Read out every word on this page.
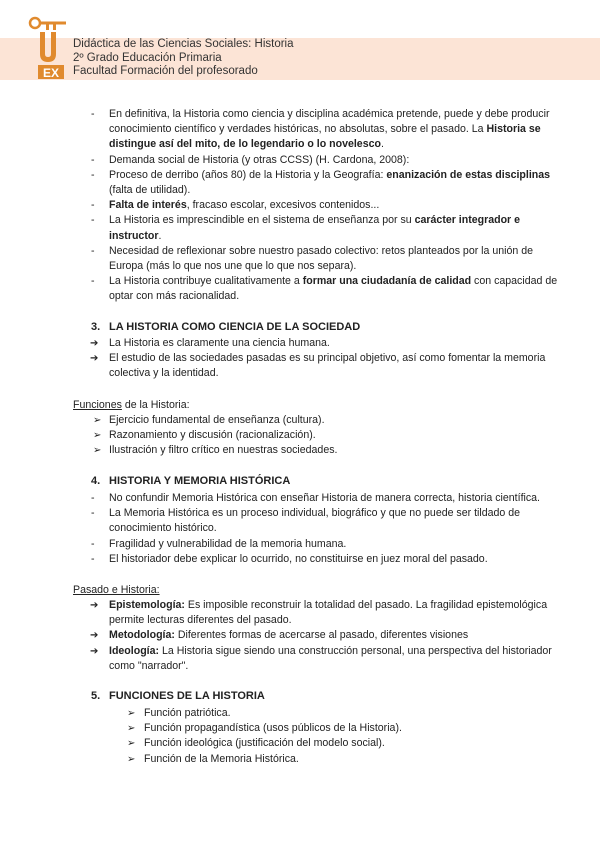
EX
Didáctica de las Ciencias Sociales: Historia
2º Grado Educación Primaria
Facultad Formación del profesorado
- En definitiva, la Historia como ciencia y disciplina académica pretende, puede y debe producir conocimiento científico y verdades históricas, no absolutas, sobre el pasado. La Historia se distingue así del mito, de lo legendario o lo novelesco.
- Demanda social de Historia (y otras CCSS) (H. Cardona, 2008):
- Proceso de derribo (años 80) de la Historia y la Geografía: enanización de estas disciplinas (falta de utilidad).
- Falta de interés, fracaso escolar, excesivos contenidos...
- La Historia es imprescindible en el sistema de enseñanza por su carácter integrador e instructor.
- Necesidad de reflexionar sobre nuestro pasado colectivo: retos planteados por la unión de Europa (más lo que nos une que lo que nos separa).
- La Historia contribuye cualitativamente a formar una ciudadanía de calidad con capacidad de optar con más racionalidad.
3. LA HISTORIA COMO CIENCIA DE LA SOCIEDAD
➔ La Historia es claramente una ciencia humana.
➔ El estudio de las sociedades pasadas es su principal objetivo, así como fomentar la memoria colectiva y la identidad.
Funciones de la Historia:
➢ Ejercicio fundamental de enseñanza (cultura).
➢ Razonamiento y discusión (racionalización).
➢ Ilustración y filtro crítico en nuestras sociedades.
4. HISTORIA Y MEMORIA HISTÓRICA
- No confundir Memoria Histórica con enseñar Historia de manera correcta, historia científica.
- La Memoria Histórica es un proceso individual, biográfico y que no puede ser tildado de conocimiento histórico.
- Fragilidad y vulnerabilidad de la memoria humana.
- El historiador debe explicar lo ocurrido, no constituirse en juez moral del pasado.
Pasado e Historia:
➔ Epistemología: Es imposible reconstruir la totalidad del pasado. La fragilidad epistemológica permite lecturas diferentes del pasado.
➔ Metodología: Diferentes formas de acercarse al pasado, diferentes visiones
➔ Ideología: La Historia sigue siendo una construcción personal, una perspectiva del historiador como "narrador".
5. FUNCIONES DE LA HISTORIA
➢ Función patriótica.
➢ Función propagandística (usos públicos de la Historia).
➢ Función ideológica (justificación del modelo social).
➢ Función de la Memoria Histórica.
